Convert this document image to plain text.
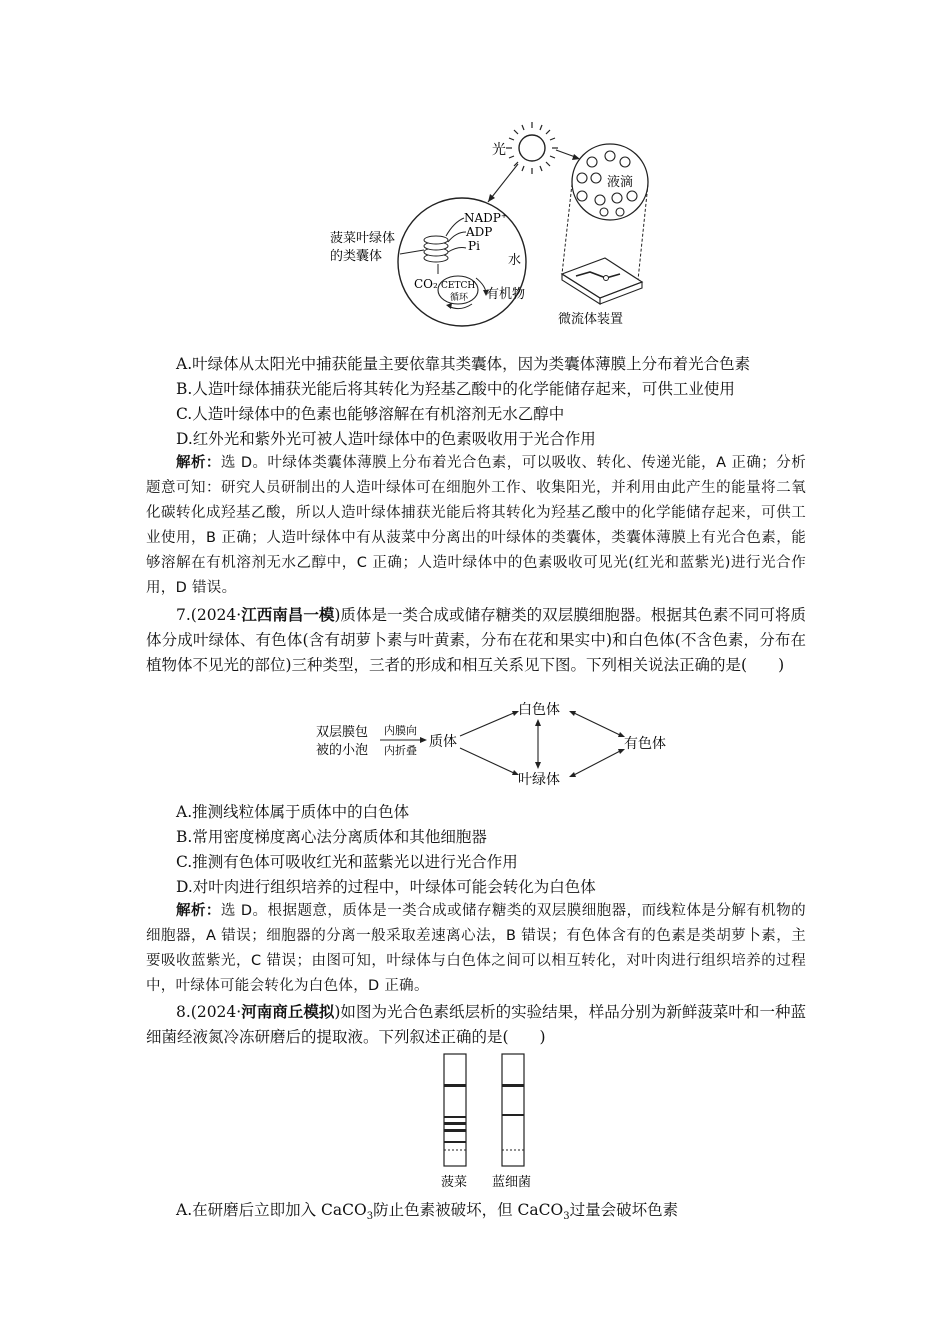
光
液滴
微流体装置
菠菜叶绿体
的类囊体
NADP⁺
ADP
Pi
水
CETCH
循环
CO₂
有机物
A.叶绿体从太阳光中捕获能量主要依靠其类囊体，因为类囊体薄膜上分布着光合色素
B.人造叶绿体捕获光能后将其转化为羟基乙酸中的化学能储存起来，可供工业使用
C.人造叶绿体中的色素也能够溶解在有机溶剂无水乙醇中
D.红外光和紫外光可被人造叶绿体中的色素吸收用于光合作用
解析：选 D。叶绿体类囊体薄膜上分布着光合色素，可以吸收、转化、传递光能，A 正确；分析题意可知：研究人员研制出的人造叶绿体可在细胞外工作、收集阳光，并利用由此产生的能量将二氧化碳转化成羟基乙酸，所以人造叶绿体捕获光能后将其转化为羟基乙酸中的化学能储存起来，可供工业使用，B 正确；人造叶绿体中有从菠菜中分离出的叶绿体的类囊体，类囊体薄膜上有光合色素，能够溶解在有机溶剂无水乙醇中，C 正确；人造叶绿体中的色素吸收可见光(红光和蓝紫光)进行光合作用，D 错误。
7.(2024·江西南昌一模)质体是一类合成或储存糖类的双层膜细胞器。根据其色素不同可将质体分成叶绿体、有色体(含有胡萝卜素与叶黄素，分布在花和果实中)和白色体(不含色素，分布在植物体不见光的部位)三种类型，三者的形成和相互关系见下图。下列相关说法正确的是(　　)
双层膜包
被的小泡
内膜向
内折叠
质体
白色体
叶绿体
有色体
A.推测线粒体属于质体中的白色体
B.常用密度梯度离心法分离质体和其他细胞器
C.推测有色体可吸收红光和蓝紫光以进行光合作用
D.对叶肉进行组织培养的过程中，叶绿体可能会转化为白色体
解析：选 D。根据题意，质体是一类合成或储存糖类的双层膜细胞器，而线粒体是分解有机物的细胞器，A 错误；细胞器的分离一般采取差速离心法，B 错误；有色体含有的色素是类胡萝卜素，主要吸收蓝紫光，C 错误；由图可知，叶绿体与白色体之间可以相互转化，对叶肉进行组织培养的过程中，叶绿体可能会转化为白色体，D 正确。
8.(2024·河南商丘模拟)如图为光合色素纸层析的实验结果，样品分别为新鲜菠菜叶和一种蓝细菌经液氮冷冻研磨后的提取液。下列叙述正确的是(　　)
菠菜 蓝细菌
A.在研磨后立即加入 CaCO$_3$防止色素被破坏，但 CaCO$_3$过量会破坏色素
